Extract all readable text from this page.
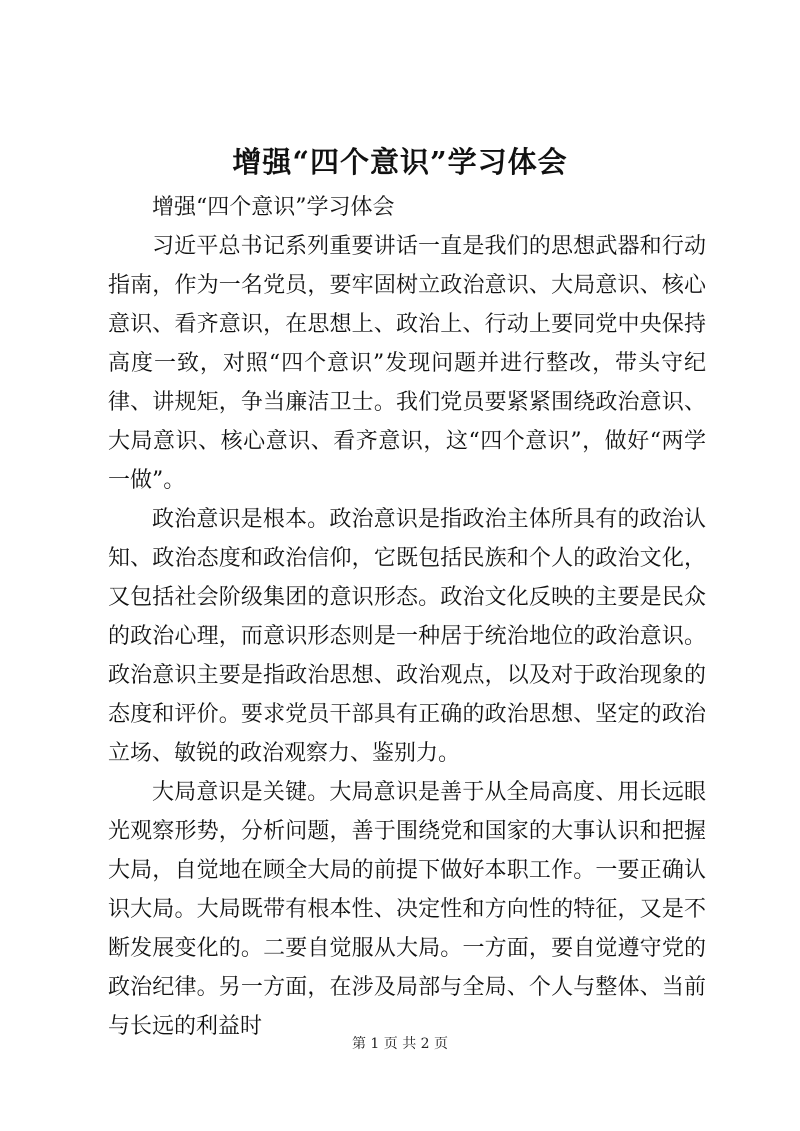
增强“四个意识”学习体会

增强“四个意识”学习体会

习近平总书记系列重要讲话一直是我们的思想武器和行动指南，作为一名党员，要牢固树立政治意识、大局意识、核心意识、看齐意识，在思想上、政治上、行动上要同党中央保持高度一致，对照“四个意识”发现问题并进行整改，带头守纪律、讲规矩，争当廉洁卫士。我们党员要紧紧围绕政治意识、大局意识、核心意识、看齐意识，这“四个意识”，做好“两学一做”。

政治意识是根本。政治意识是指政治主体所具有的政治认知、政治态度和政治信仰，它既包括民族和个人的政治文化，又包括社会阶级集团的意识形态。政治文化反映的主要是民众的政治心理，而意识形态则是一种居于统治地位的政治意识。政治意识主要是指政治思想、政治观点，以及对于政治现象的态度和评价。要求党员干部具有正确的政治思想、坚定的政治立场、敏锐的政治观察力、鉴别力。

大局意识是关键。大局意识是善于从全局高度、用长远眼光观察形势，分析问题，善于围绕党和国家的大事认识和把握大局，自觉地在顾全大局的前提下做好本职工作。一要正确认识大局。大局既带有根本性、决定性和方向性的特征，又是不断发展变化的。二要自觉服从大局。一方面，要自觉遵守党的政治纪律。另一方面，在涉及局部与全局、个人与整体、当前与长远的利益时

第 1 页 共 2 页
